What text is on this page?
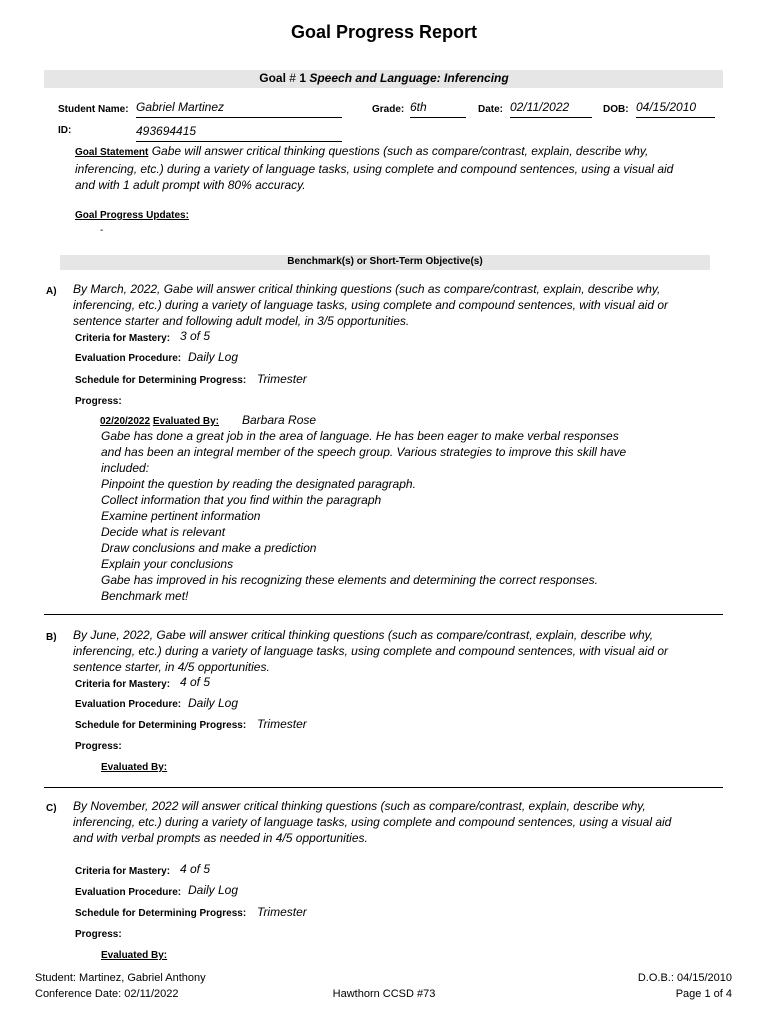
Goal Progress Report
Goal # 1 Speech and Language: Inferencing
Student Name: Gabriel Martinez	Grade: 6th	Date: 02/11/2022	DOB: 04/15/2010
ID:	493694415
Goal Statement Gabe will answer critical thinking questions (such as compare/contrast, explain, describe why,
inferencing, etc.) during a variety of language tasks, using complete and compound sentences, using a visual aid
and with 1 adult prompt with 80% accuracy.
Goal Progress Updates:
-
Benchmark(s) or Short-Term Objective(s)
A) By March, 2022, Gabe will answer critical thinking questions (such as compare/contrast, explain, describe why,
inferencing, etc.) during a variety of language tasks, using complete and compound sentences, with visual aid or
sentence starter and following adult model, in 3/5 opportunities.
Criteria for Mastery: 3 of 5
Evaluation Procedure: Daily Log
Schedule for Determining Progress: Trimester
Progress:
02/20/2022 Evaluated By: Barbara Rose
Gabe has done a great job in the area of language. He has been eager to make verbal responses
and has been an integral member of the speech group. Various strategies to improve this skill have
included:
Pinpoint the question by reading the designated paragraph.
Collect information that you find within the paragraph
Examine pertinent information
Decide what is relevant
Draw conclusions and make a prediction
Explain your conclusions
Gabe has improved in his recognizing these elements and determining the correct responses.
Benchmark met!
B) By June, 2022, Gabe will answer critical thinking questions (such as compare/contrast, explain, describe why,
inferencing, etc.) during a variety of language tasks, using complete and compound sentences, with visual aid or
sentence starter, in 4/5 opportunities.
Criteria for Mastery: 4 of 5
Evaluation Procedure: Daily Log
Schedule for Determining Progress: Trimester
Progress:
Evaluated By:
C) By November, 2022 will answer critical thinking questions (such as compare/contrast, explain, describe why,
inferencing, etc.) during a variety of language tasks, using complete and compound sentences, using a visual aid
and with verbal prompts as needed in 4/5 opportunities.
Criteria for Mastery: 4 of 5
Evaluation Procedure: Daily Log
Schedule for Determining Progress: Trimester
Progress:
Evaluated By:
Student: Martinez, Gabriel Anthony
Conference Date: 02/11/2022	Hawthorn CCSD #73
D.O.B.: 04/15/2010
Page 1 of 4
